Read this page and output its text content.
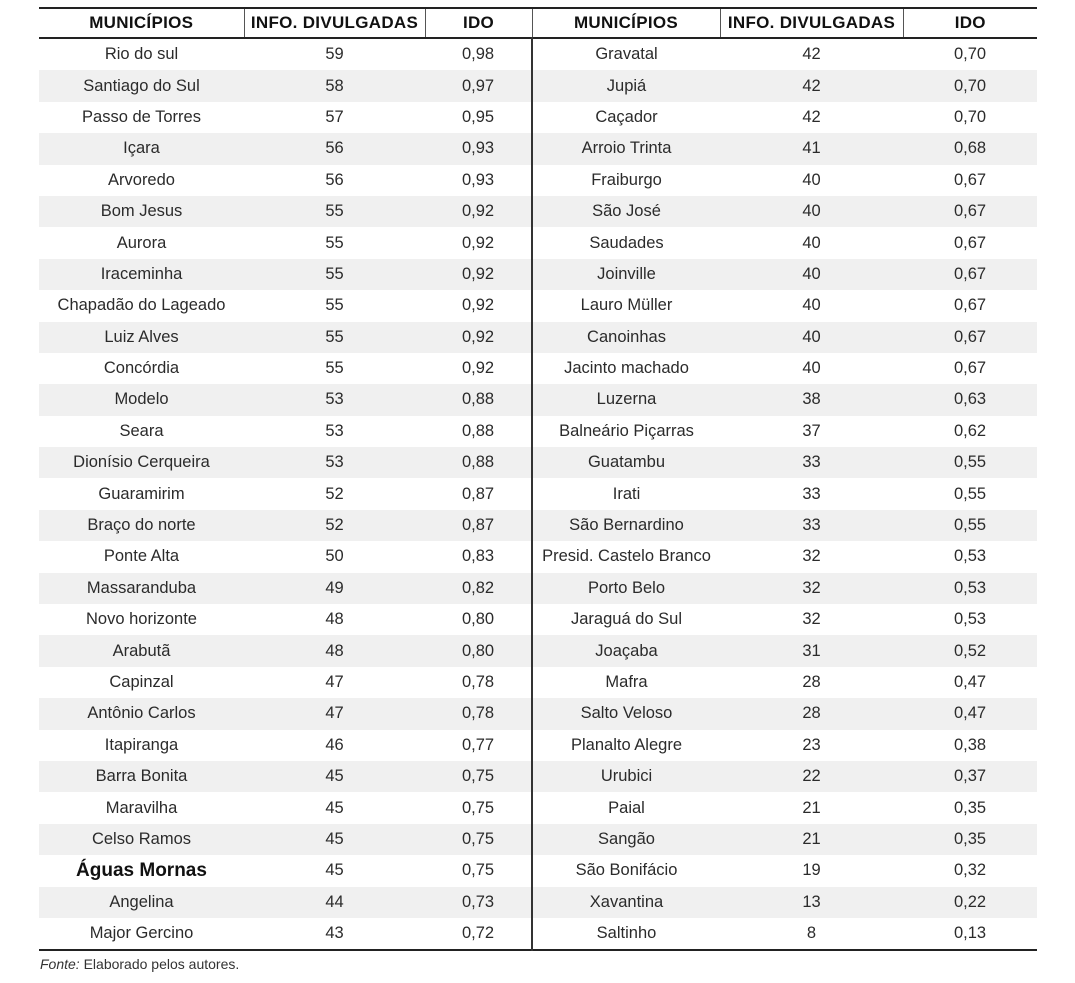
MUNICÍPIOS	INFO. DIVULGADAS	IDO	MUNICÍPIOS	INFO. DIVULGADAS	IDO
Rio do sul	59	0,98	Gravatal	42	0,70
Santiago do Sul	58	0,97	Jupiá	42	0,70
Passo de Torres	57	0,95	Caçador	42	0,70
Içara	56	0,93	Arroio Trinta	41	0,68
Arvoredo	56	0,93	Fraiburgo	40	0,67
Bom Jesus	55	0,92	São José	40	0,67
Aurora	55	0,92	Saudades	40	0,67
Iraceminha	55	0,92	Joinville	40	0,67
Chapadão do Lageado	55	0,92	Lauro Müller	40	0,67
Luiz Alves	55	0,92	Canoinhas	40	0,67
Concórdia	55	0,92	Jacinto machado	40	0,67
Modelo	53	0,88	Luzerna	38	0,63
Seara	53	0,88	Balneário Piçarras	37	0,62
Dionísio Cerqueira	53	0,88	Guatambu	33	0,55
Guaramirim	52	0,87	Irati	33	0,55
Braço do norte	52	0,87	São Bernardino	33	0,55
Ponte Alta	50	0,83	Presid. Castelo Branco	32	0,53
Massaranduba	49	0,82	Porto Belo	32	0,53
Novo horizonte	48	0,80	Jaraguá do Sul	32	0,53
Arabutã	48	0,80	Joaçaba	31	0,52
Capinzal	47	0,78	Mafra	28	0,47
Antônio Carlos	47	0,78	Salto Veloso	28	0,47
Itapiranga	46	0,77	Planalto Alegre	23	0,38
Barra Bonita	45	0,75	Urubici	22	0,37
Maravilha	45	0,75	Paial	21	0,35
Celso Ramos	45	0,75	Sangão	21	0,35
Águas Mornas	45	0,75	São Bonifácio	19	0,32
Angelina	44	0,73	Xavantina	13	0,22
Major Gercino	43	0,72	Saltinho	8	0,13
Fonte: Elaborado pelos autores.
